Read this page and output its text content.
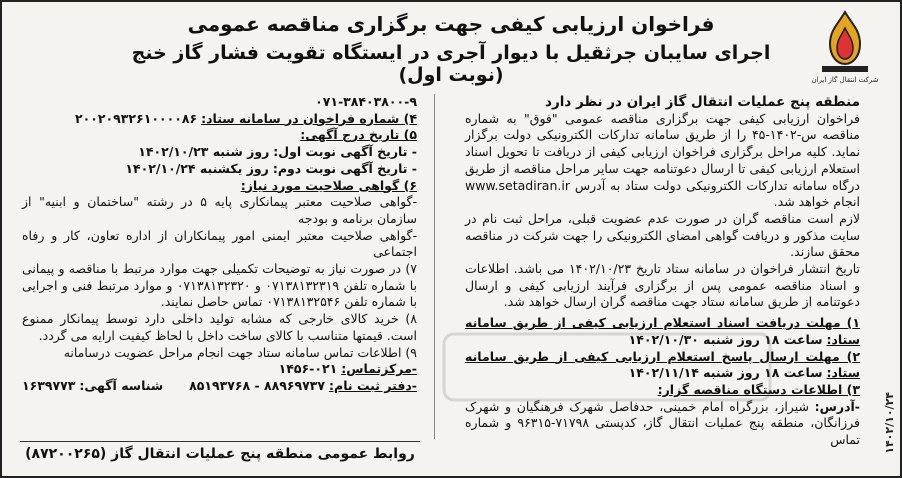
فراخوان ارزیابی کیفی جهت برگزاری مناقصه عمومی
اجرای سایبان جرثقیل با دیوار آجری در ایستگاه تقویت فشار گاز خنج (نوبت اول)	شرکت انتقال گاز ایران

منطقه پنج عملیات انتقال گاز ایران در نظر دارد

فراخوان ارزیابی کیفی جهت برگزاری مناقصه عمومی "فوق" به شماره مناقصه س-۱۴۰۲-۴۵ را از طریق سامانه تدارکات الکترونیکی دولت برگزار نماید. کلیه مراحل برگزاری فراخوان ارزیابی کیفی از دریافت تا تحویل اسناد استعلام ارزیابی کیفی تا ارسال دعوتنامه جهت سایر مراحل مناقصه از طریق درگاه سامانه تدارکات الکترونیکی دولت ستاد به آدرس www.setadiran.ir انجام خواهد شد.

لازم است مناقصه گران در صورت عدم عضویت قبلی، مراحل ثبت نام در سایت مذکور و دریافت گواهی امضای الکترونیکی را جهت شرکت در مناقصه محقق سازند.

تاریخ انتشار فراخوان در سامانه ستاد تاریخ ۱۴۰۲/۱۰/۲۳ می باشد. اطلاعات و اسناد مناقصه عمومی پس از برگزاری فرآیند ارزیابی کیفی و ارسال دعوتنامه از طریق سامانه ستاد جهت مناقصه گران ارسال خواهد شد.

۱) مهلت دریافت اسناد استعلام ارزیابی کیفی از طریق سامانه ستاد: ساعت ۱۸ روز شنبه ۱۴۰۲/۱۰/۳۰

۲) مهلت ارسال پاسخ استعلام ارزیابی کیفی از طریق سامانه ستاد: ساعت ۱۸ روز شنبه ۱۴۰۲/۱۱/۱۴

۳) اطلاعات دستگاه مناقصه گزار:

-آدرس: شیراز، بزرگراه امام خمینی، حدفاصل شهرک فرهنگیان و شهرک فرزانگان، منطقه پنج عملیات انتقال گاز، کدپستی ۷۱۷۹۸-۹۶۳۱۵ و شماره تماس

۰۷۱-۳۸۴۰۳۸۰۰-۹

۴) شماره فراخوان در سامانه ستاد: ۲۰۰۲۰۹۳۲۶۱۰۰۰۰۸۶

۵) تاریخ درج آگهی:

- تاریخ آگهی نوبت اول: روز شنبه ۱۴۰۲/۱۰/۲۳

- تاریخ آگهی نوبت دوم: روز یکشنبه ۱۴۰۲/۱۰/۲۴

۶) گواهی صلاحیت مورد نیاز:

-گواهی صلاحیت معتبر پیمانکاری پایه ۵ در رشته "ساختمان و ابنیه" از سازمان برنامه و بودجه

-گواهی صلاحیت معتبر ایمنی امور پیمانکاران از اداره تعاون، کار و رفاه اجتماعی

۷) در صورت نیاز به توضیحات تکمیلی جهت موارد مرتبط با مناقصه و پیمانی با شماره تلفن ۰۷۱۳۸۱۳۲۳۱۹ و ۰۷۱۳۸۱۳۲۳۲۰ و موارد مرتبط فنی و اجرایی با شماره تلفن ۰۷۱۳۸۱۳۲۵۴۶ تماس حاصل نمایند.

۸) خرید کالای خارجی که مشابه تولید داخلی دارد توسط پیمانکار ممنوع است. قیمتها متناسب با کالای ساخت داخل با لحاظ کیفیت ارایه می گردد.

۹) اطلاعات تماس سامانه ستاد جهت انجام مراحل عضویت درسامانه

-مرکزتماس: ۰۲۱-۱۴۵۶

-دفتر ثبت نام: ۸۸۹۶۹۷۳۷ - ۸۵۱۹۳۷۶۸
شناسه آگهی: ۱۶۳۹۷۷۳

روابط عمومی منطقه پنج عملیات انتقال گاز (۸۷۲۰۰۲۶۵)
۱۴۰۲/۱۰/۲۴
